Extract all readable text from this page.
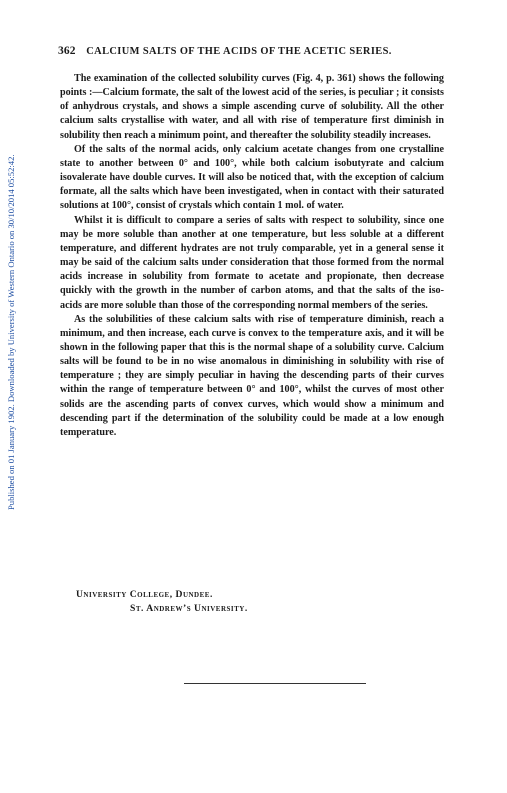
Published on 01 January 1902. Downloaded by University of Western Ontario on 30/10/2014 05:52:42.
362 CALCIUM SALTS OF THE ACIDS OF THE ACETIC SERIES.

The examination of the collected solubility curves (Fig. 4, p. 361) shows the following points :—Calcium formate, the salt of the lowest acid of the series, is peculiar ; it consists of anhydrous crystals, and shows a simple ascending curve of solubility. All the other calcium salts crystallise with water, and all with rise of temperature first diminish in solubility then reach a minimum point, and thereafter the solubility steadily increases.

Of the salts of the normal acids, only calcium acetate changes from one crystalline state to another between 0° and 100°, while both calcium isobutyrate and calcium isovalerate have double curves. It will also be noticed that, with the exception of calcium formate, all the salts which have been investigated, when in contact with their saturated solutions at 100°, consist of crystals which contain 1 mol. of water.

Whilst it is difficult to compare a series of salts with respect to solubility, since one may be more soluble than another at one temperature, but less soluble at a different temperature, and different hydrates are not truly comparable, yet in a general sense it may be said of the calcium salts under consideration that those formed from the normal acids increase in solubility from formate to acetate and propionate, then decrease quickly with the growth in the number of carbon atoms, and that the salts of the iso-acids are more soluble than those of the corresponding normal members of the series.

As the solubilities of these calcium salts with rise of temperature diminish, reach a minimum, and then increase, each curve is convex to the temperature axis, and it will be shown in the following paper that this is the normal shape of a solubility curve. Calcium salts will be found to be in no wise anomalous in diminishing in solubility with rise of temperature ; they are simply peculiar in having the descending parts of their curves within the range of temperature between 0° and 100°, whilst the curves of most other solids are the ascending parts of convex curves, which would show a minimum and descending part if the determination of the solubility could be made at a low enough temperature.

University College, Dundee.
St. Andrew’s University.
